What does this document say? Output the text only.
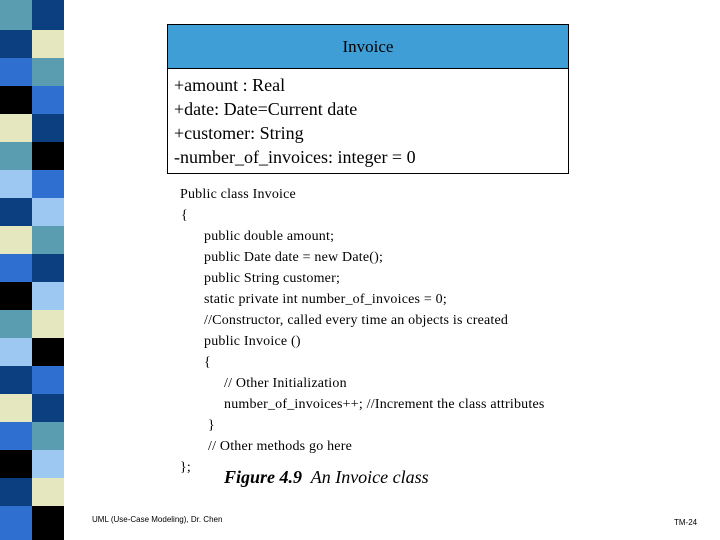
Invoice
+amount : Real
+date: Date=Current date
+customer: String
-number_of_invoices: integer = 0
Public class Invoice
{
public double amount;
public Date date = new Date();
public String customer;
static private int number_of_invoices = 0;
//Constructor, called every time an objects is created
public Invoice ()
{
// Other Initialization
number_of_invoices++; //Increment the class attributes
}
// Other methods go here
};	Figure 4.9 An Invoice class
UML (Use-Case Modeling), Dr. Chen	TM-24
